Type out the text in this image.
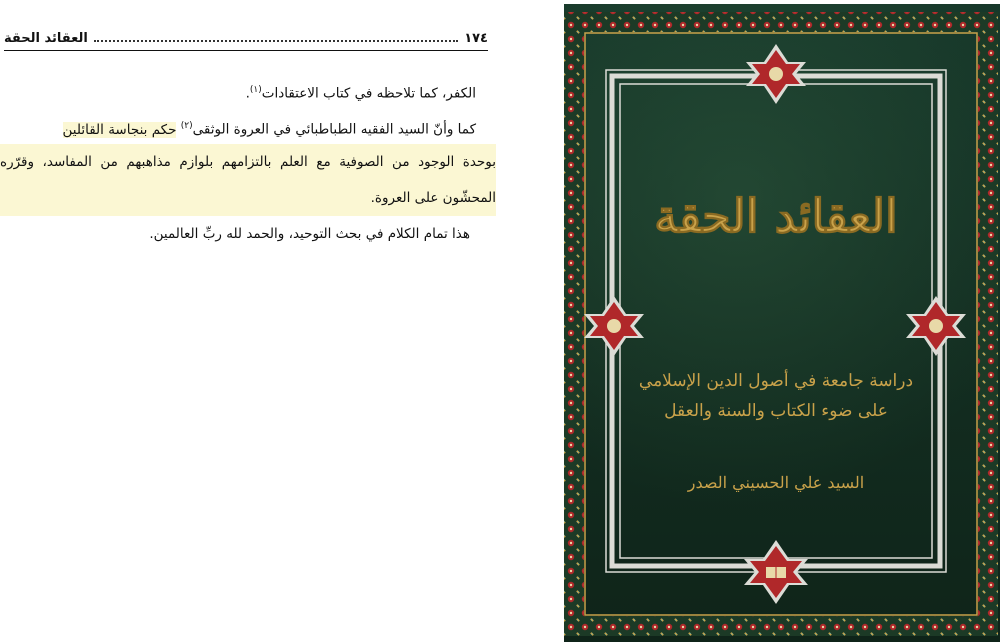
١٧٤
العقائد الحقة
الكفر، كما تلاحظه في كتاب الاعتقادات$^{(١)}$.
كما وأنّ السيد الفقيه الطباطبائي في العروة الوثقى$^{(٢)}$ حكم بنجاسة القائلين
بوحدة الوجود من الصوفية مع العلم بالتزامهم بلوازم مذاهبهم من المفاسد، وقرّره
المحشّون على العروة.
هذا تمام الكلام في بحث التوحيد، والحمد لله ربِّ العالمين.	العقائد الحقة
دراسة جامعة في أصول الدين الإسلامي
على ضوء الكتاب والسنة والعقل
السيد علي الحسيني الصدر
